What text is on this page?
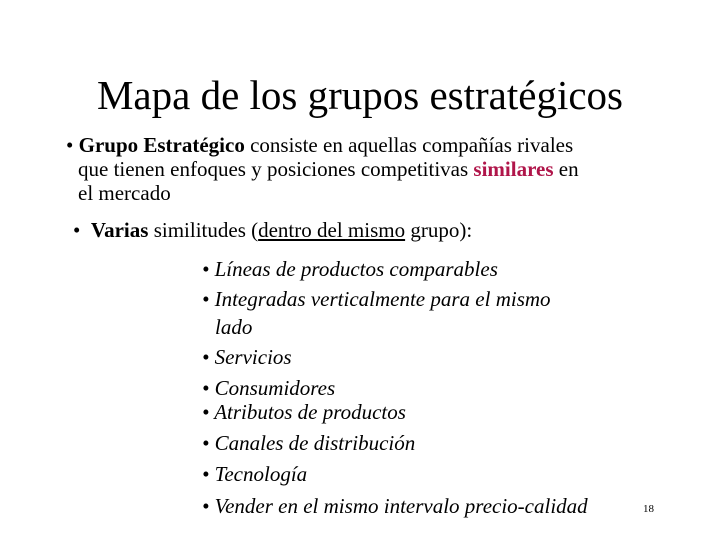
Mapa de los grupos estratégicos
• Grupo Estratégico consiste en aquellas compañías rivales
que tienen enfoques y posiciones competitivas similares en
el mercado
• Varias similitudes (dentro del mismo grupo):
• Líneas de productos comparables
• Integradas verticalmente para el mismo
lado
• Servicios
• Consumidores
• Atributos de productos
• Canales de distribución
• Tecnología
• Vender en el mismo intervalo precio-calidad	18
